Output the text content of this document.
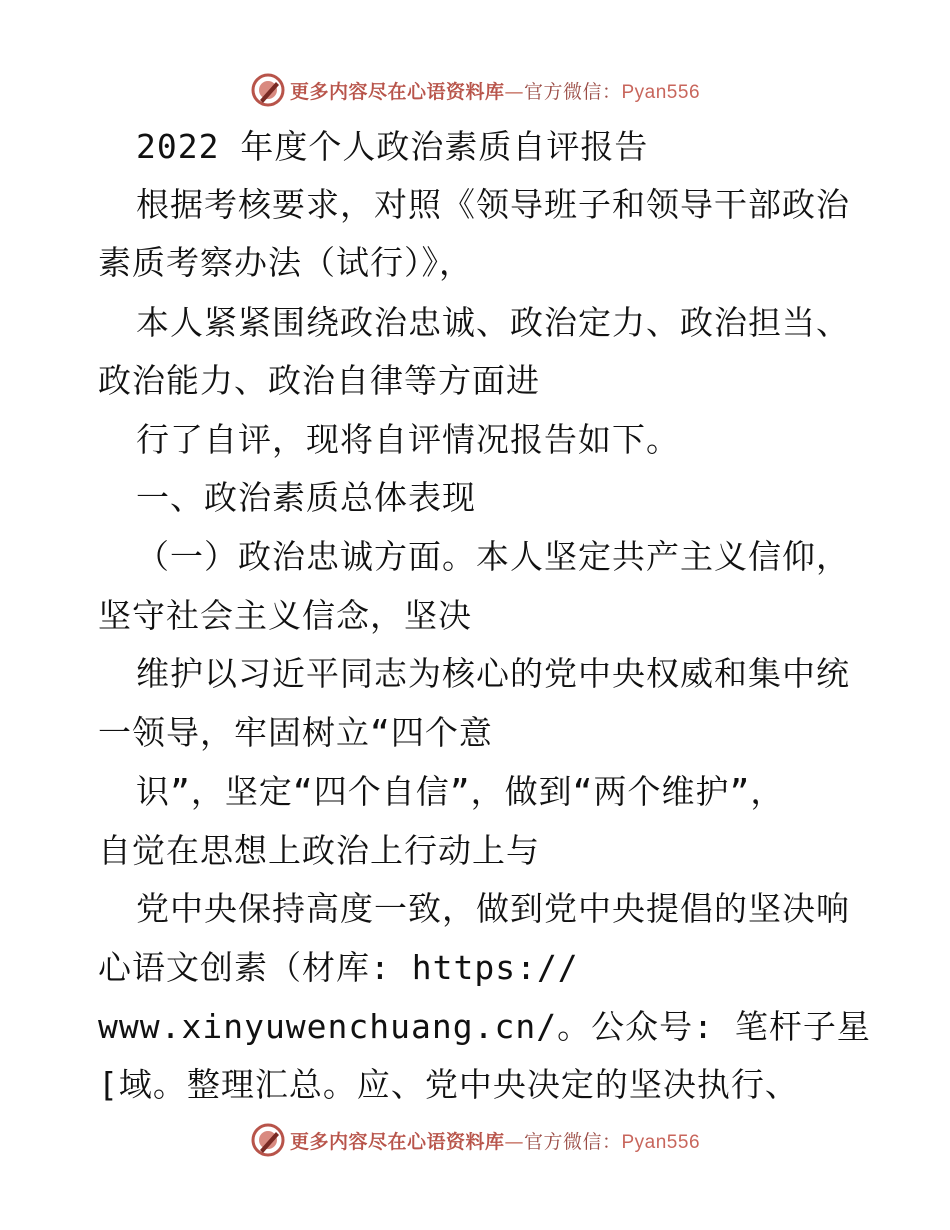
更多内容尽在心语资料库—官方微信：Pyan556
2022 年度个人政治素质自评报告
根据考核要求，对照《领导班子和领导干部政治
素质考察办法（试行）》，
本人紧紧围绕政治忠诚、政治定力、政治担当、
政治能力、政治自律等方面进
行了自评，现将自评情况报告如下。
一、政治素质总体表现
（一）政治忠诚方面。本人坚定共产主义信仰，
坚守社会主义信念，坚决
维护以习近平同志为核心的党中央权威和集中统
一领导，牢固树立“四个意
识”，坚定“四个自信”，做到“两个维护”，
自觉在思想上政治上行动上与
党中央保持高度一致，做到党中央提倡的坚决响
心语文创素（材库: https://
www.xinyuwenchuang.cn/。公众号: 笔杆子星
[域。整理汇总。应、党中央决定的坚决执行、
更多内容尽在心语资料库—官方微信：Pyan556
